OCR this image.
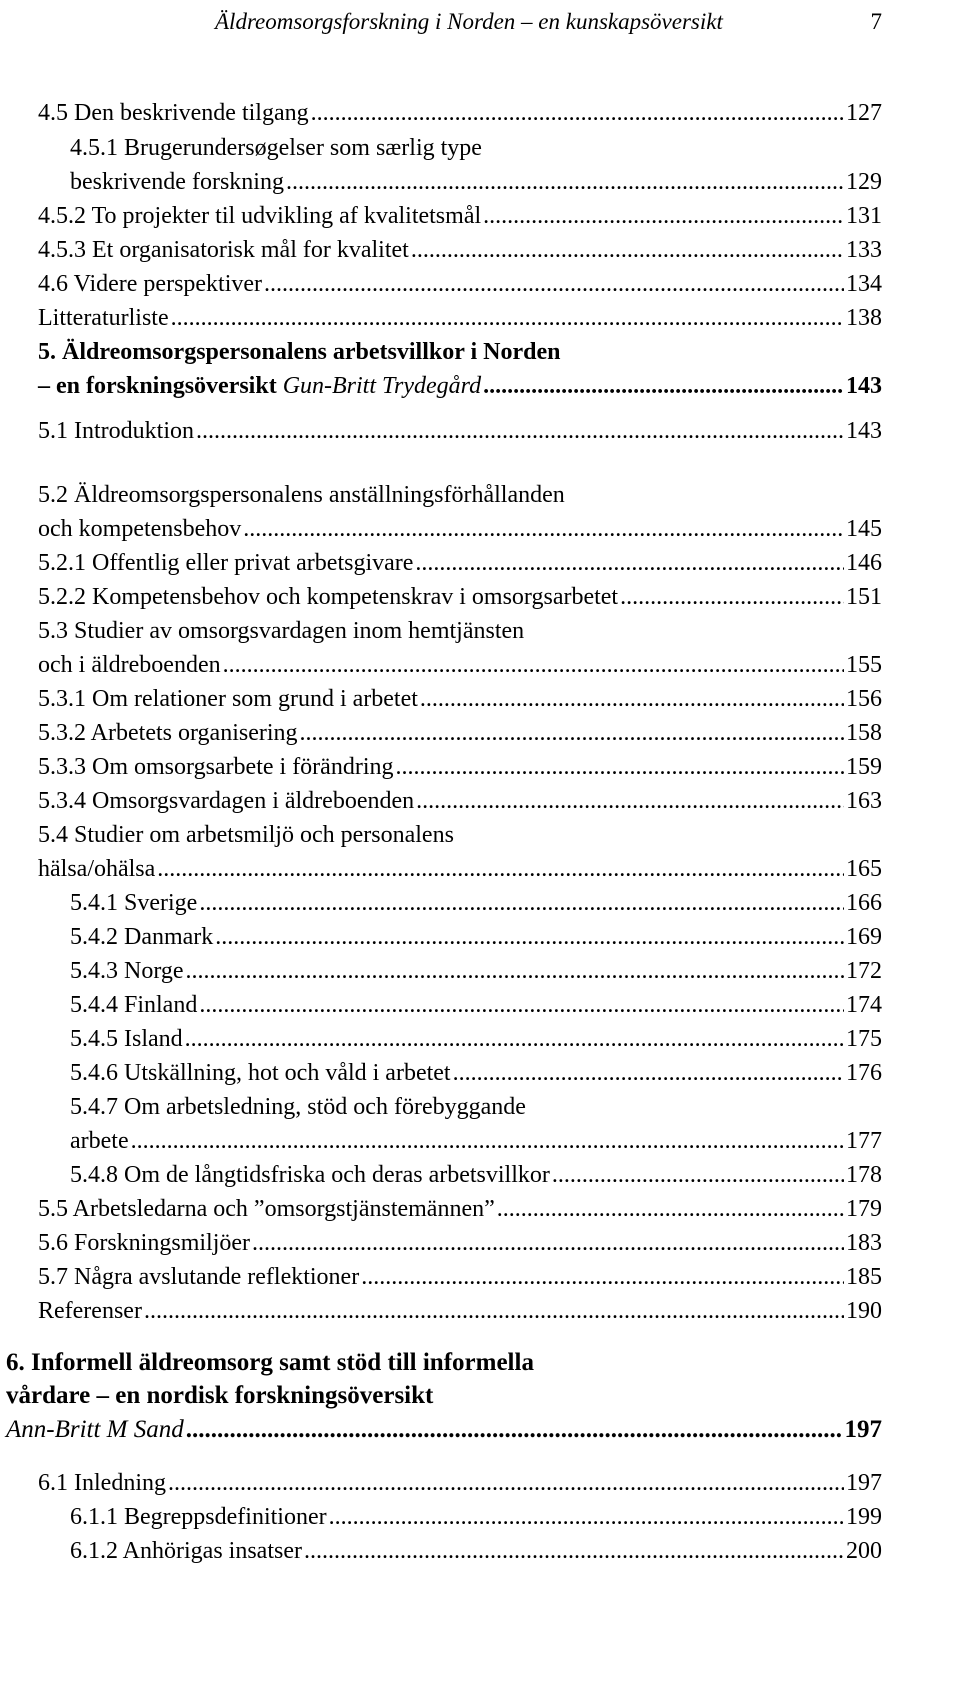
Äldreomsorgsforskning i Norden – en kunskapsöversikt	7
4.5 Den beskrivende tilgang .....	127
4.5.1 Brugerundersøgelser som særlig type
beskrivende forskning .....	129
4.5.2 To projekter til udvikling af kvalitetsmål .....	131
4.5.3 Et organisatorisk mål for kvalitet .....	133
4.6 Videre perspektiver .....	134
Litteraturliste .....	138
5. Äldreomsorgspersonalens arbetsvillkor i Norden
– en forskningsöversikt Gun-Britt Trydegård .....	143
5.1 Introduktion .....	143
5.2 Äldreomsorgspersonalens anställningsförhållanden
och kompetensbehov .....	145
5.2.1 Offentlig eller privat arbetsgivare .....	146
5.2.2 Kompetensbehov och kompetenskrav i omsorgsarbetet .....	151
5.3 Studier av omsorgsvardagen inom hemtjänsten
och i äldreboenden .....	155
5.3.1 Om relationer som grund i arbetet .....	156
5.3.2 Arbetets organisering .....	158
5.3.3 Om omsorgsarbete i förändring .....	159
5.3.4 Omsorgsvardagen i äldreboenden .....	163
5.4 Studier om arbetsmiljö och personalens
hälsa/ohälsa .....	165
5.4.1 Sverige .....	166
5.4.2 Danmark .....	169
5.4.3 Norge .....	172
5.4.4 Finland .....	174
5.4.5 Island .....	175
5.4.6 Utskällning, hot och våld i arbetet .....	176
5.4.7 Om arbetsledning, stöd och förebyggande
arbete .....	177
5.4.8 Om de långtidsfriska och deras arbetsvillkor .....	178
5.5 Arbetsledarna och ”omsorgstjänstemännen” .....	179
5.6 Forskningsmiljöer .....	183
5.7 Några avslutande reflektioner .....	185
Referenser .....	190
6. Informell äldreomsorg samt stöd till informella
vårdare – en nordisk forskningsöversikt
Ann-Britt M Sand .....	197
6.1 Inledning .....	197
6.1.1 Begreppsdefinitioner .....	199
6.1.2 Anhörigas insatser .....	200
